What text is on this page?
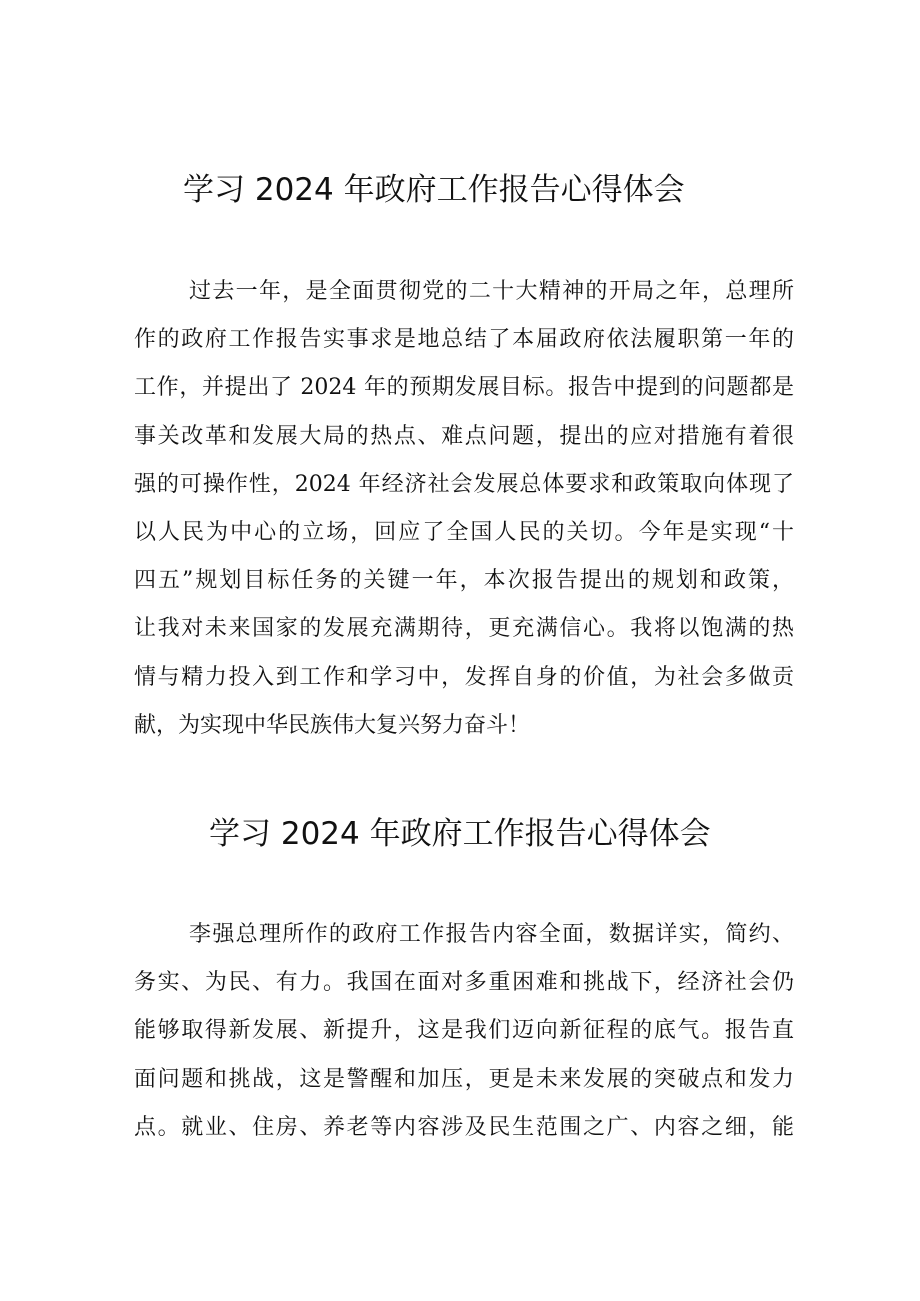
学习 2024 年政府工作报告心得体会

过去一年，是全面贯彻党的二十大精神的开局之年，总理所
作的政府工作报告实事求是地总结了本届政府依法履职第一年的
工作，并提出了 2024 年的预期发展目标。报告中提到的问题都是
事关改革和发展大局的热点、难点问题，提出的应对措施有着很
强的可操作性，2024 年经济社会发展总体要求和政策取向体现了
以人民为中心的立场，回应了全国人民的关切。今年是实现“十
四五”规划目标任务的关键一年，本次报告提出的规划和政策，
让我对未来国家的发展充满期待，更充满信心。我将以饱满的热
情与精力投入到工作和学习中，发挥自身的价值，为社会多做贡
献，为实现中华民族伟大复兴努力奋斗！

学习 2024 年政府工作报告心得体会

李强总理所作的政府工作报告内容全面，数据详实，简约、
务实、为民、有力。我国在面对多重困难和挑战下，经济社会仍
能够取得新发展、新提升，这是我们迈向新征程的底气。报告直
面问题和挑战，这是警醒和加压，更是未来发展的突破点和发力
点。就业、住房、养老等内容涉及民生范围之广、内容之细，能
